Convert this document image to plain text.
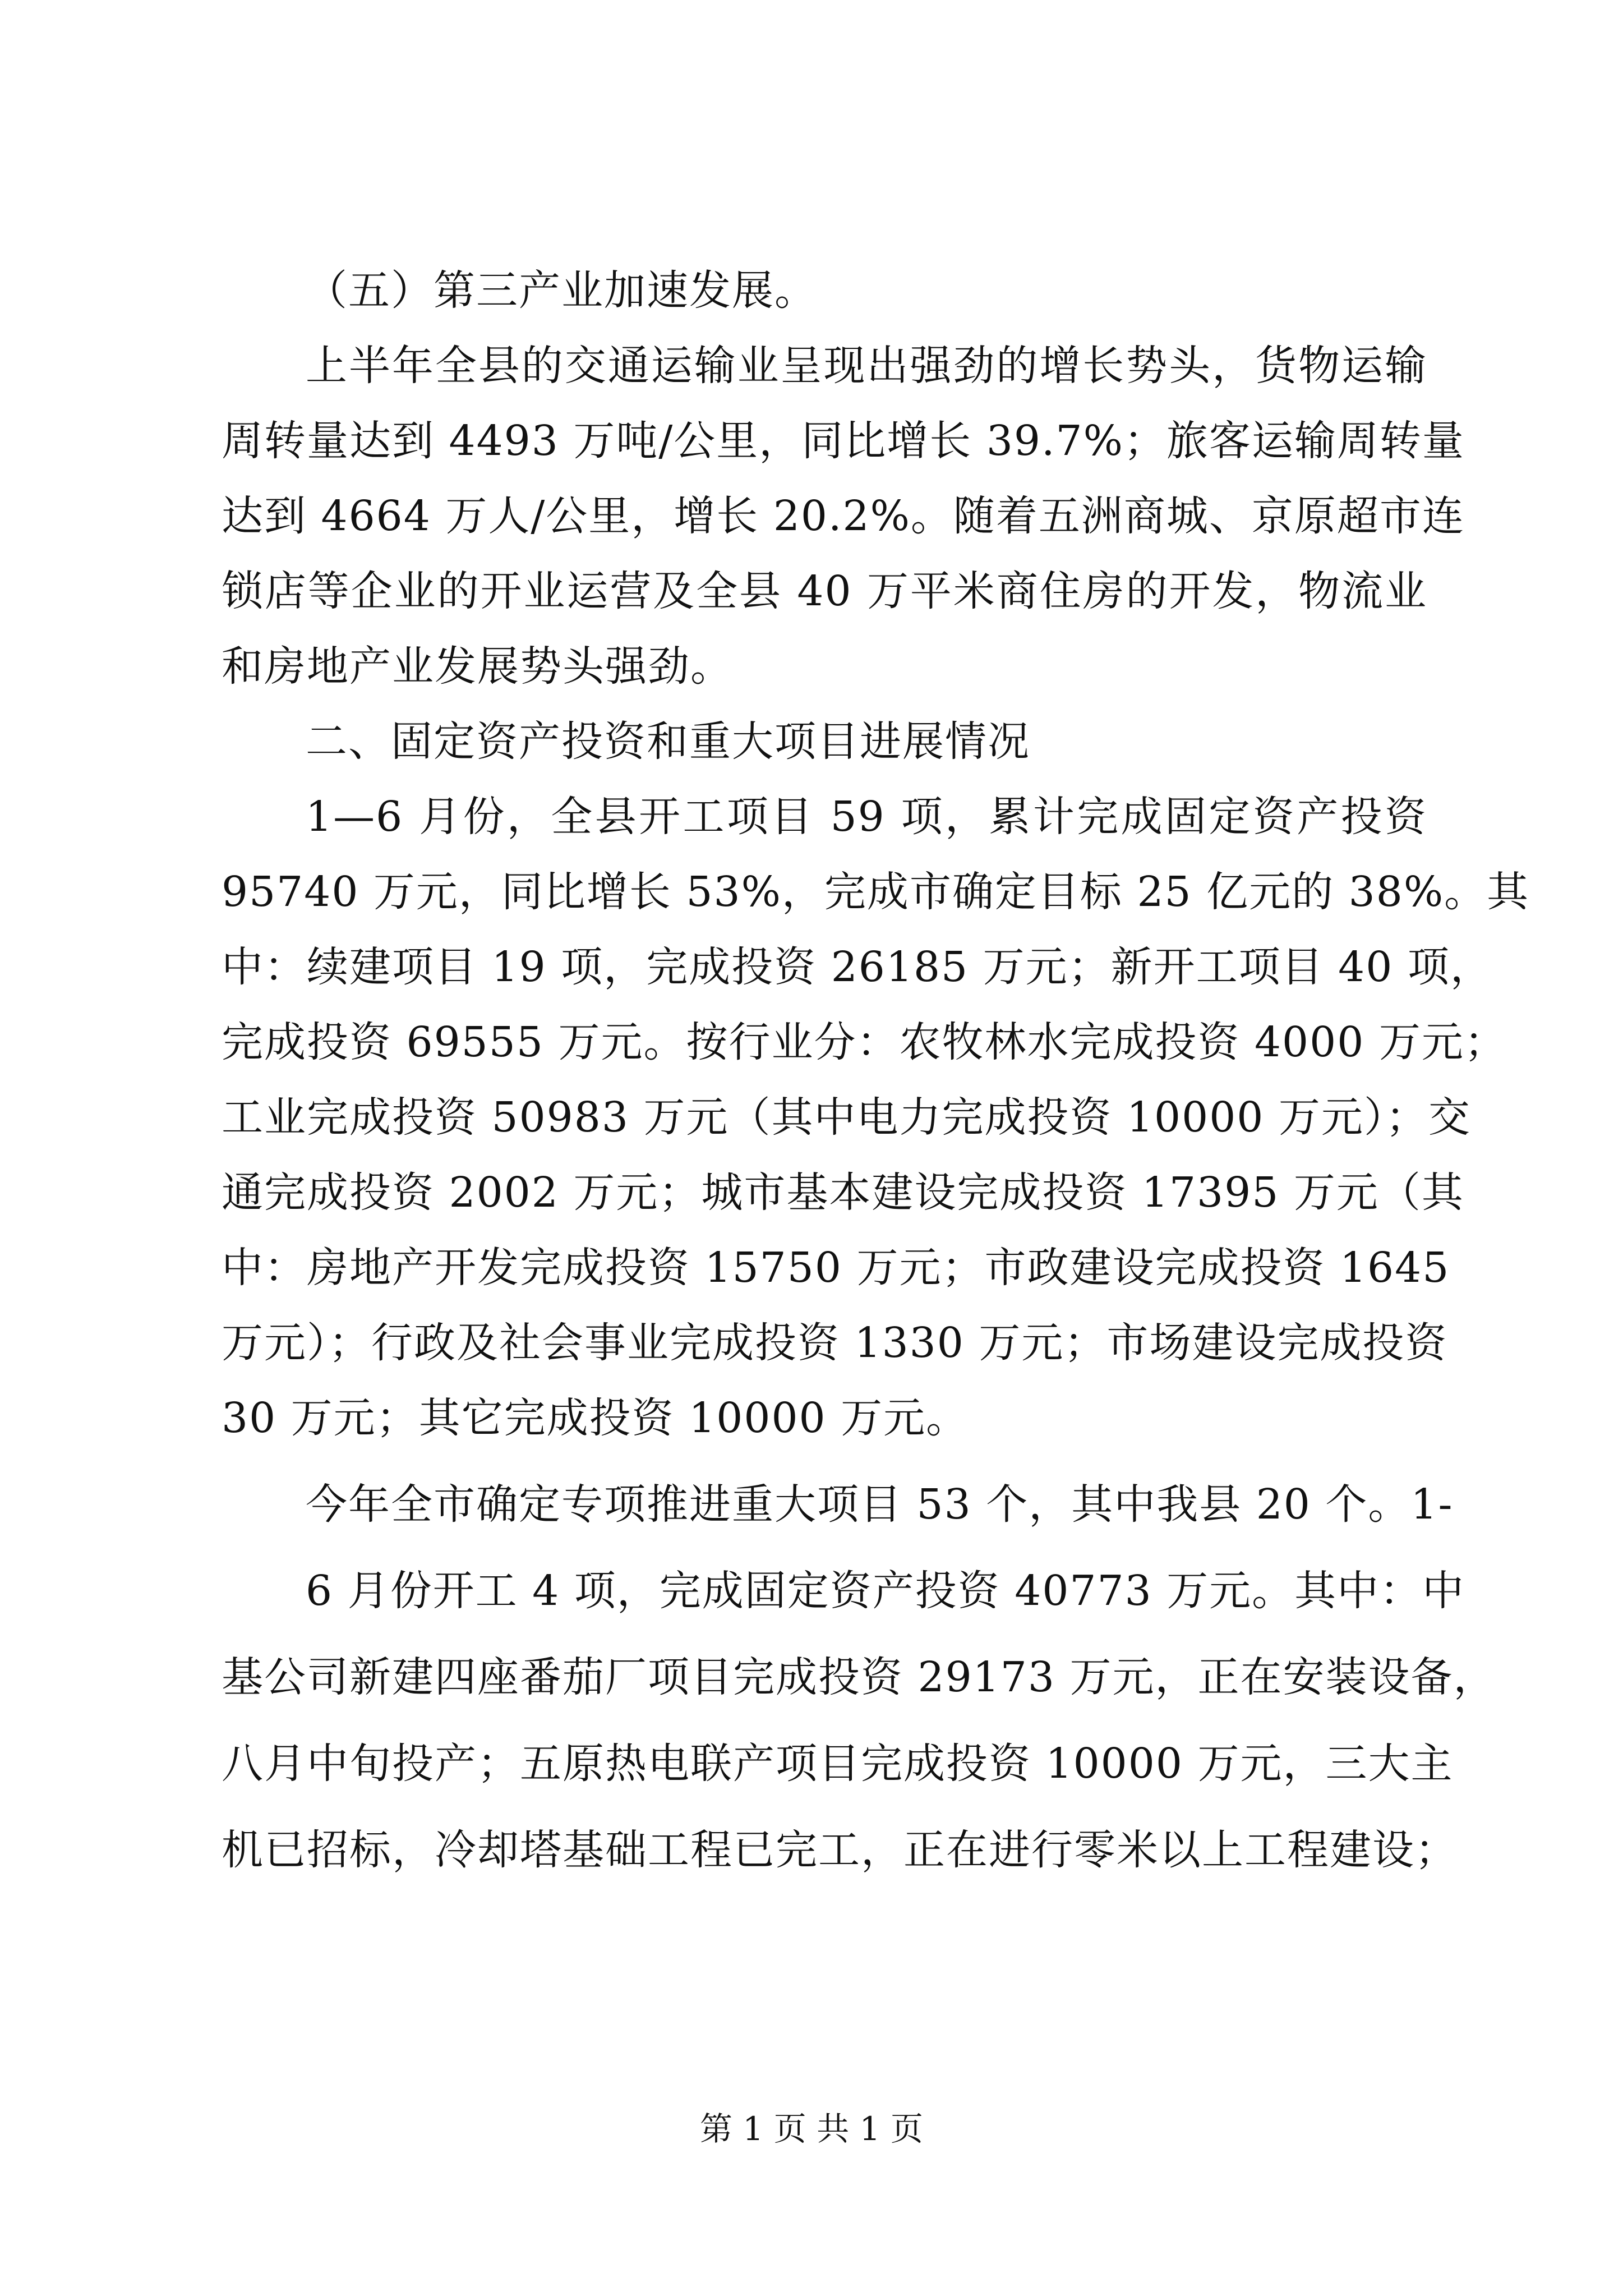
（五）第三产业加速发展。
上半年全县的交通运输业呈现出强劲的增长势头，货物运输
周转量达到 4493 万吨/公里，同比增长 39.7%；旅客运输周转量
达到 4664 万人/公里，增长 20.2%。随着五洲商城、京原超市连
锁店等企业的开业运营及全县 40 万平米商住房的开发，物流业
和房地产业发展势头强劲。
二、固定资产投资和重大项目进展情况
1—6 月份，全县开工项目 59 项，累计完成固定资产投资
95740 万元，同比增长 53%，完成市确定目标 25 亿元的 38%。其
中：续建项目 19 项，完成投资 26185 万元；新开工项目 40 项，
完成投资 69555 万元。按行业分：农牧林水完成投资 4000 万元；
工业完成投资 50983 万元（其中电力完成投资 10000 万元）；交
通完成投资 2002 万元；城市基本建设完成投资 17395 万元（其
中：房地产开发完成投资 15750 万元；市政建设完成投资 1645
万元）；行政及社会事业完成投资 1330 万元；市场建设完成投资
30 万元；其它完成投资 10000 万元。
今年全市确定专项推进重大项目 53 个，其中我县 20 个。1-
6 月份开工 4 项，完成固定资产投资 40773 万元。其中：中
基公司新建四座番茄厂项目完成投资 29173 万元，正在安装设备，
八月中旬投产；五原热电联产项目完成投资 10000 万元，三大主
机已招标，冷却塔基础工程已完工，正在进行零米以上工程建设；
第 1 页 共 1 页
